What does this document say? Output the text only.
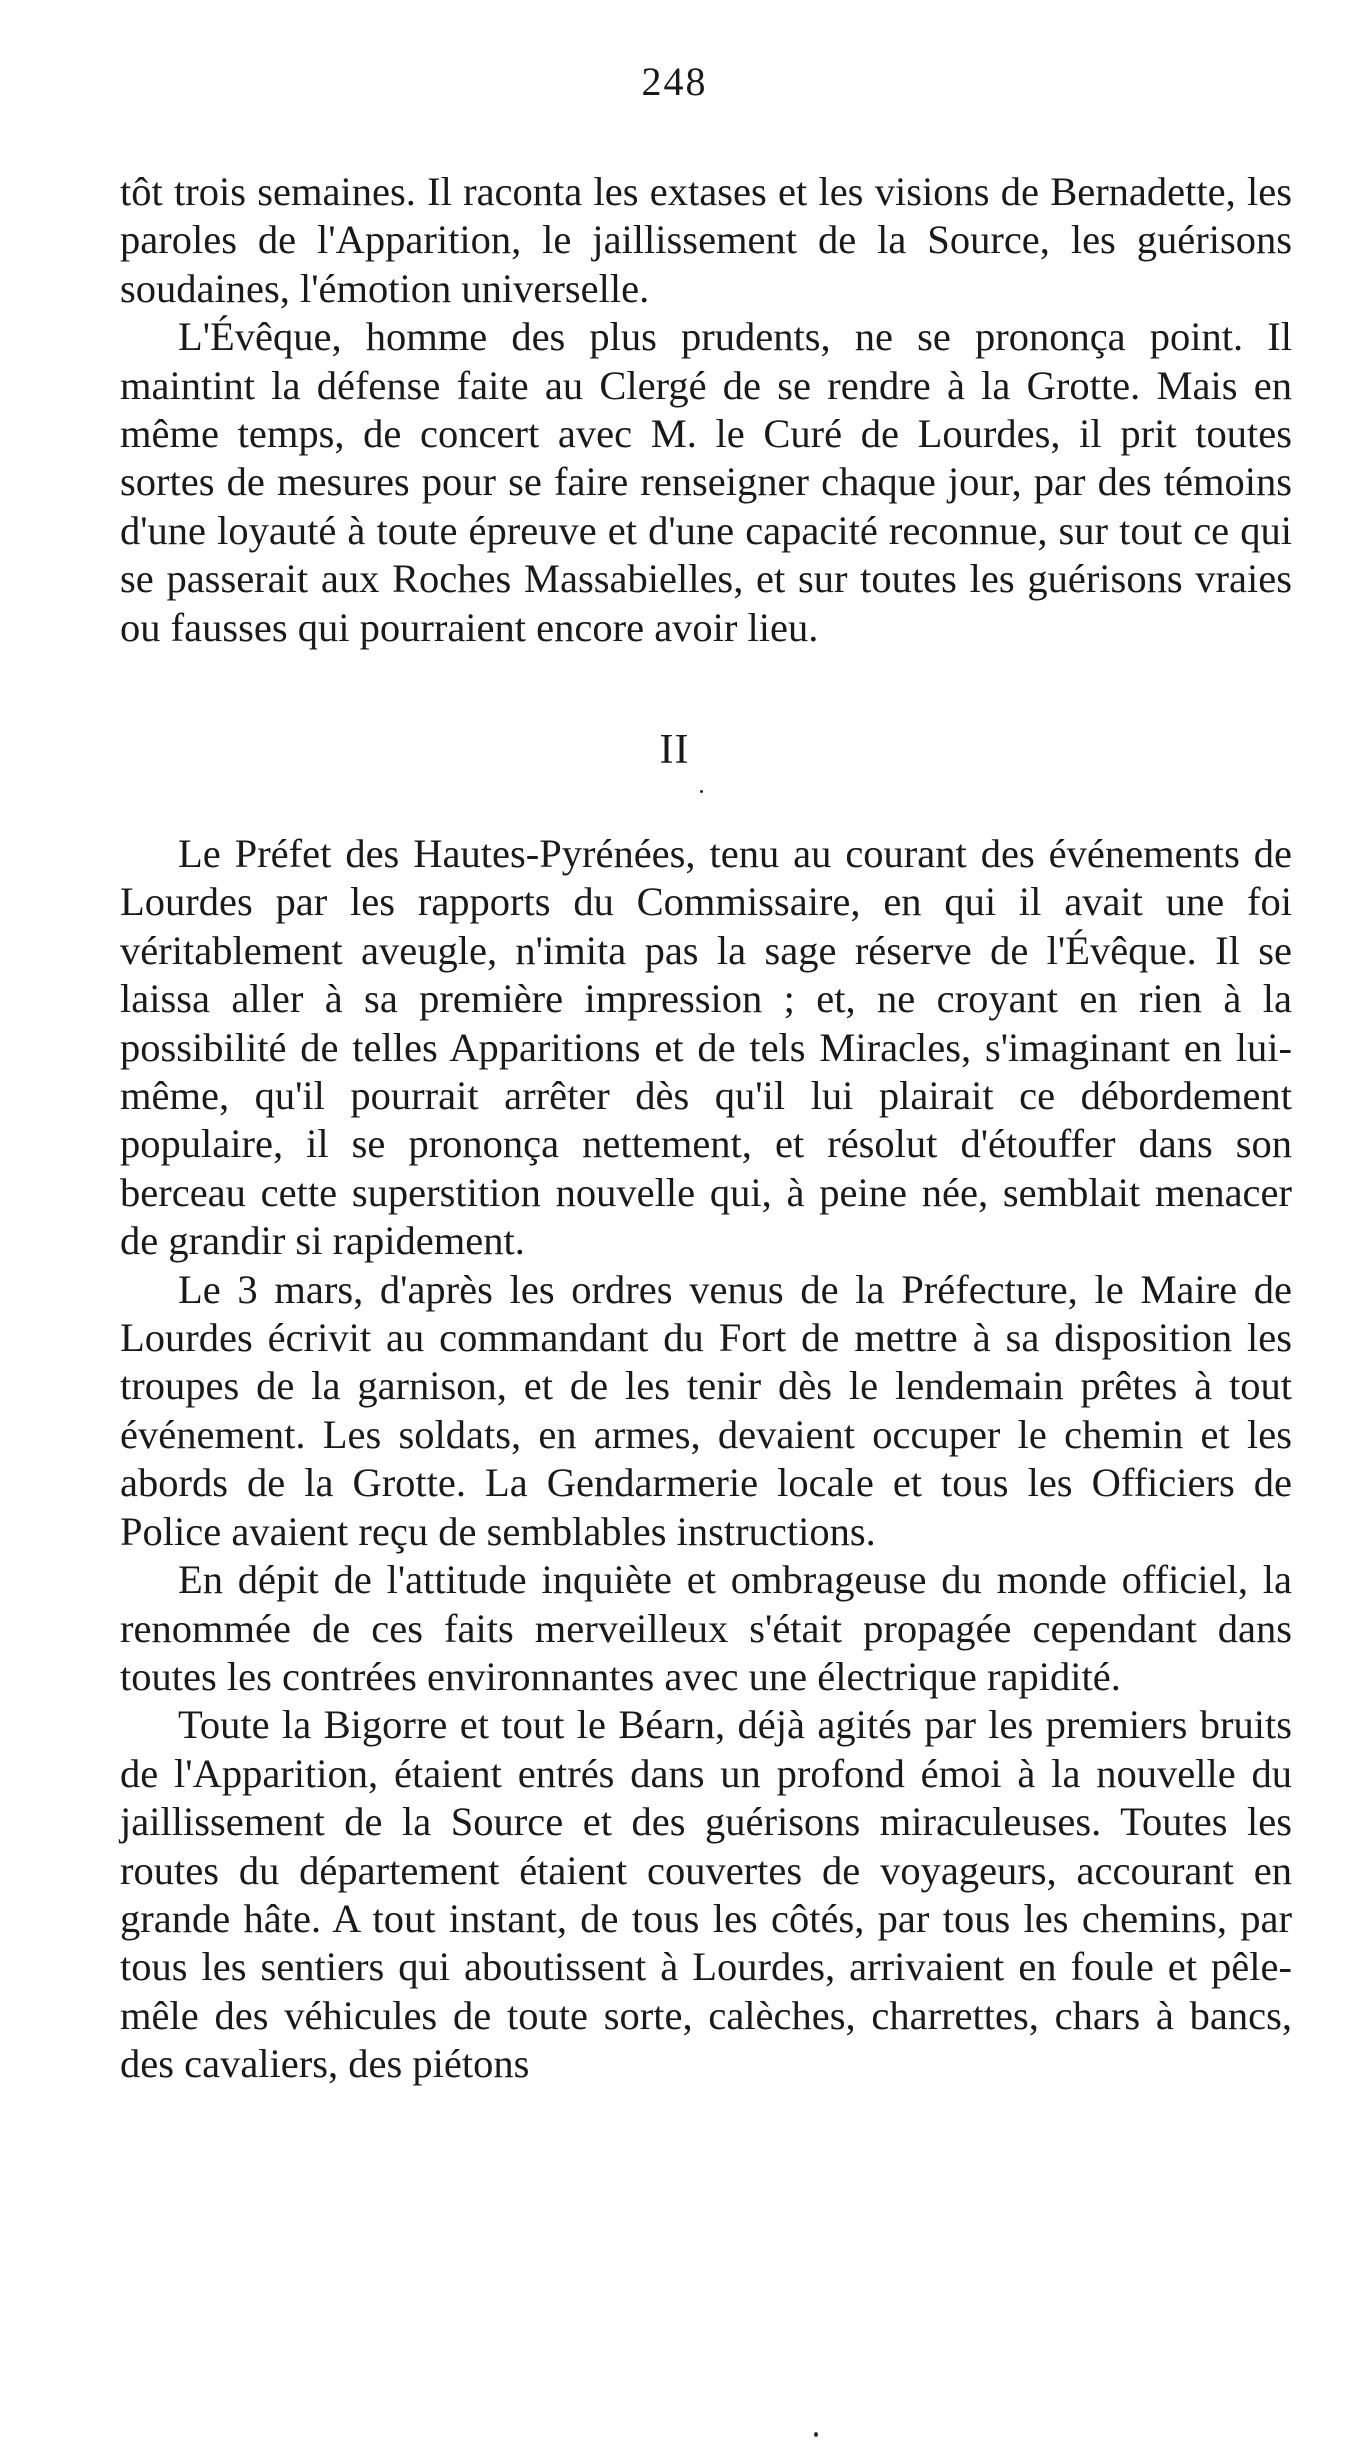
248

tôt trois semaines. Il raconta les extases et les visions de Bernadette, les paroles de l'Apparition, le jaillissement de la Source, les guérisons soudaines, l'émotion universelle.

L'Évêque, homme des plus prudents, ne se prononça point. Il maintint la défense faite au Clergé de se rendre à la Grotte. Mais en même temps, de concert avec M. le Curé de Lourdes, il prit toutes sortes de mesures pour se faire renseigner chaque jour, par des témoins d'une loyauté à toute épreuve et d'une capacité reconnue, sur tout ce qui se passerait aux Roches Massabielles, et sur toutes les guérisons vraies ou fausses qui pourraient encore avoir lieu.

II

Le Préfet des Hautes-Pyrénées, tenu au courant des événements de Lourdes par les rapports du Commissaire, en qui il avait une foi véritablement aveugle, n'imita pas la sage réserve de l'Évêque. Il se laissa aller à sa première impression ; et, ne croyant en rien à la possibilité de telles Apparitions et de tels Miracles, s'imaginant en lui-même, qu'il pourrait arrêter dès qu'il lui plairait ce débordement populaire, il se prononça nettement, et résolut d'étouffer dans son berceau cette superstition nouvelle qui, à peine née, semblait menacer de grandir si rapidement.

Le 3 mars, d'après les ordres venus de la Préfecture, le Maire de Lourdes écrivit au commandant du Fort de mettre à sa disposition les troupes de la garnison, et de les tenir dès le lendemain prêtes à tout événement. Les soldats, en armes, devaient occuper le chemin et les abords de la Grotte. La Gendarmerie locale et tous les Officiers de Police avaient reçu de semblables instructions.

En dépit de l'attitude inquiète et ombrageuse du monde officiel, la renommée de ces faits merveilleux s'était propagée cependant dans toutes les contrées environnantes avec une électrique rapidité.

Toute la Bigorre et tout le Béarn, déjà agités par les premiers bruits de l'Apparition, étaient entrés dans un profond émoi à la nouvelle du jaillissement de la Source et des guérisons miraculeuses. Toutes les routes du département étaient couvertes de voyageurs, accourant en grande hâte. A tout instant, de tous les côtés, par tous les chemins, par tous les sentiers qui aboutissent à Lourdes, arrivaient en foule et pêle-mêle des véhicules de toute sorte, calèches, charrettes, chars à bancs, des cavaliers, des piétons
